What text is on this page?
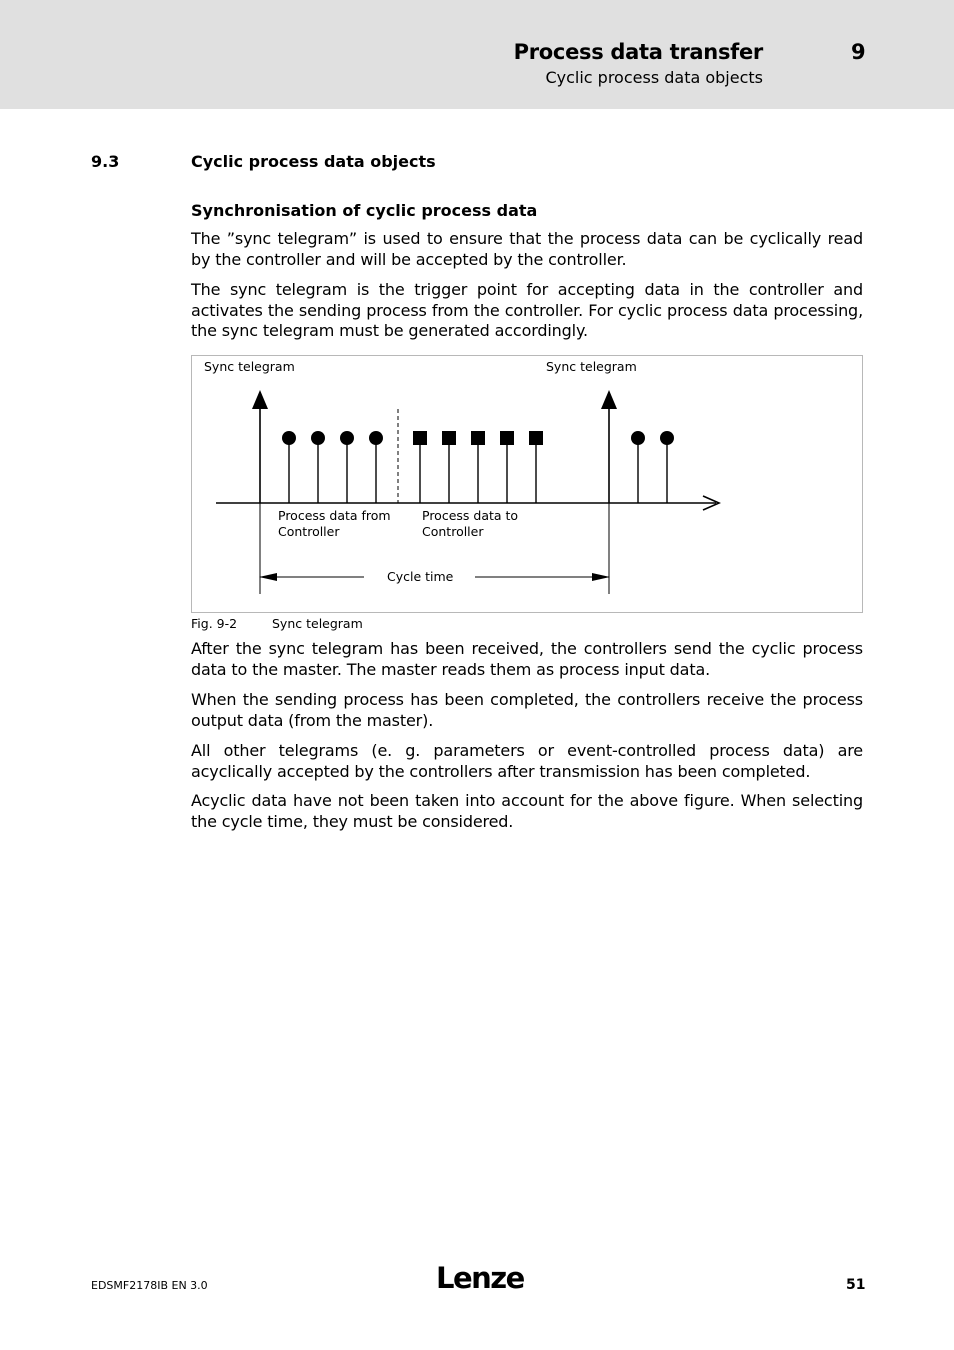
Process data transfer	9
Cyclic process data objects
9.3	Cyclic process data objects
Synchronisation of cyclic process data

The ”sync telegram” is used to ensure that the process data can be cyclically read by the controller and will be accepted by the controller.

The sync telegram is the trigger point for accepting data in the controller and activates the sending process from the controller. For cyclic process data processing, the sync telegram must be generated accordingly.

Sync telegram	Sync telegram
Process data from
Controller
Process data to
Controller
Cycle time
Fig. 9-2	Sync telegram

After the sync telegram has been received, the controllers send the cyclic process data to the master. The master reads them as process input data.

When the sending process has been completed, the controllers receive the process output data (from the master).

All other telegrams (e. g. parameters or event-controlled process data) are acyclically accepted by the controllers after transmission has been completed.

Acyclic data have not been taken into account for the above figure. When selecting the cycle time, they must be considered.

EDSMF2178IB EN 3.0	Lenze	51
